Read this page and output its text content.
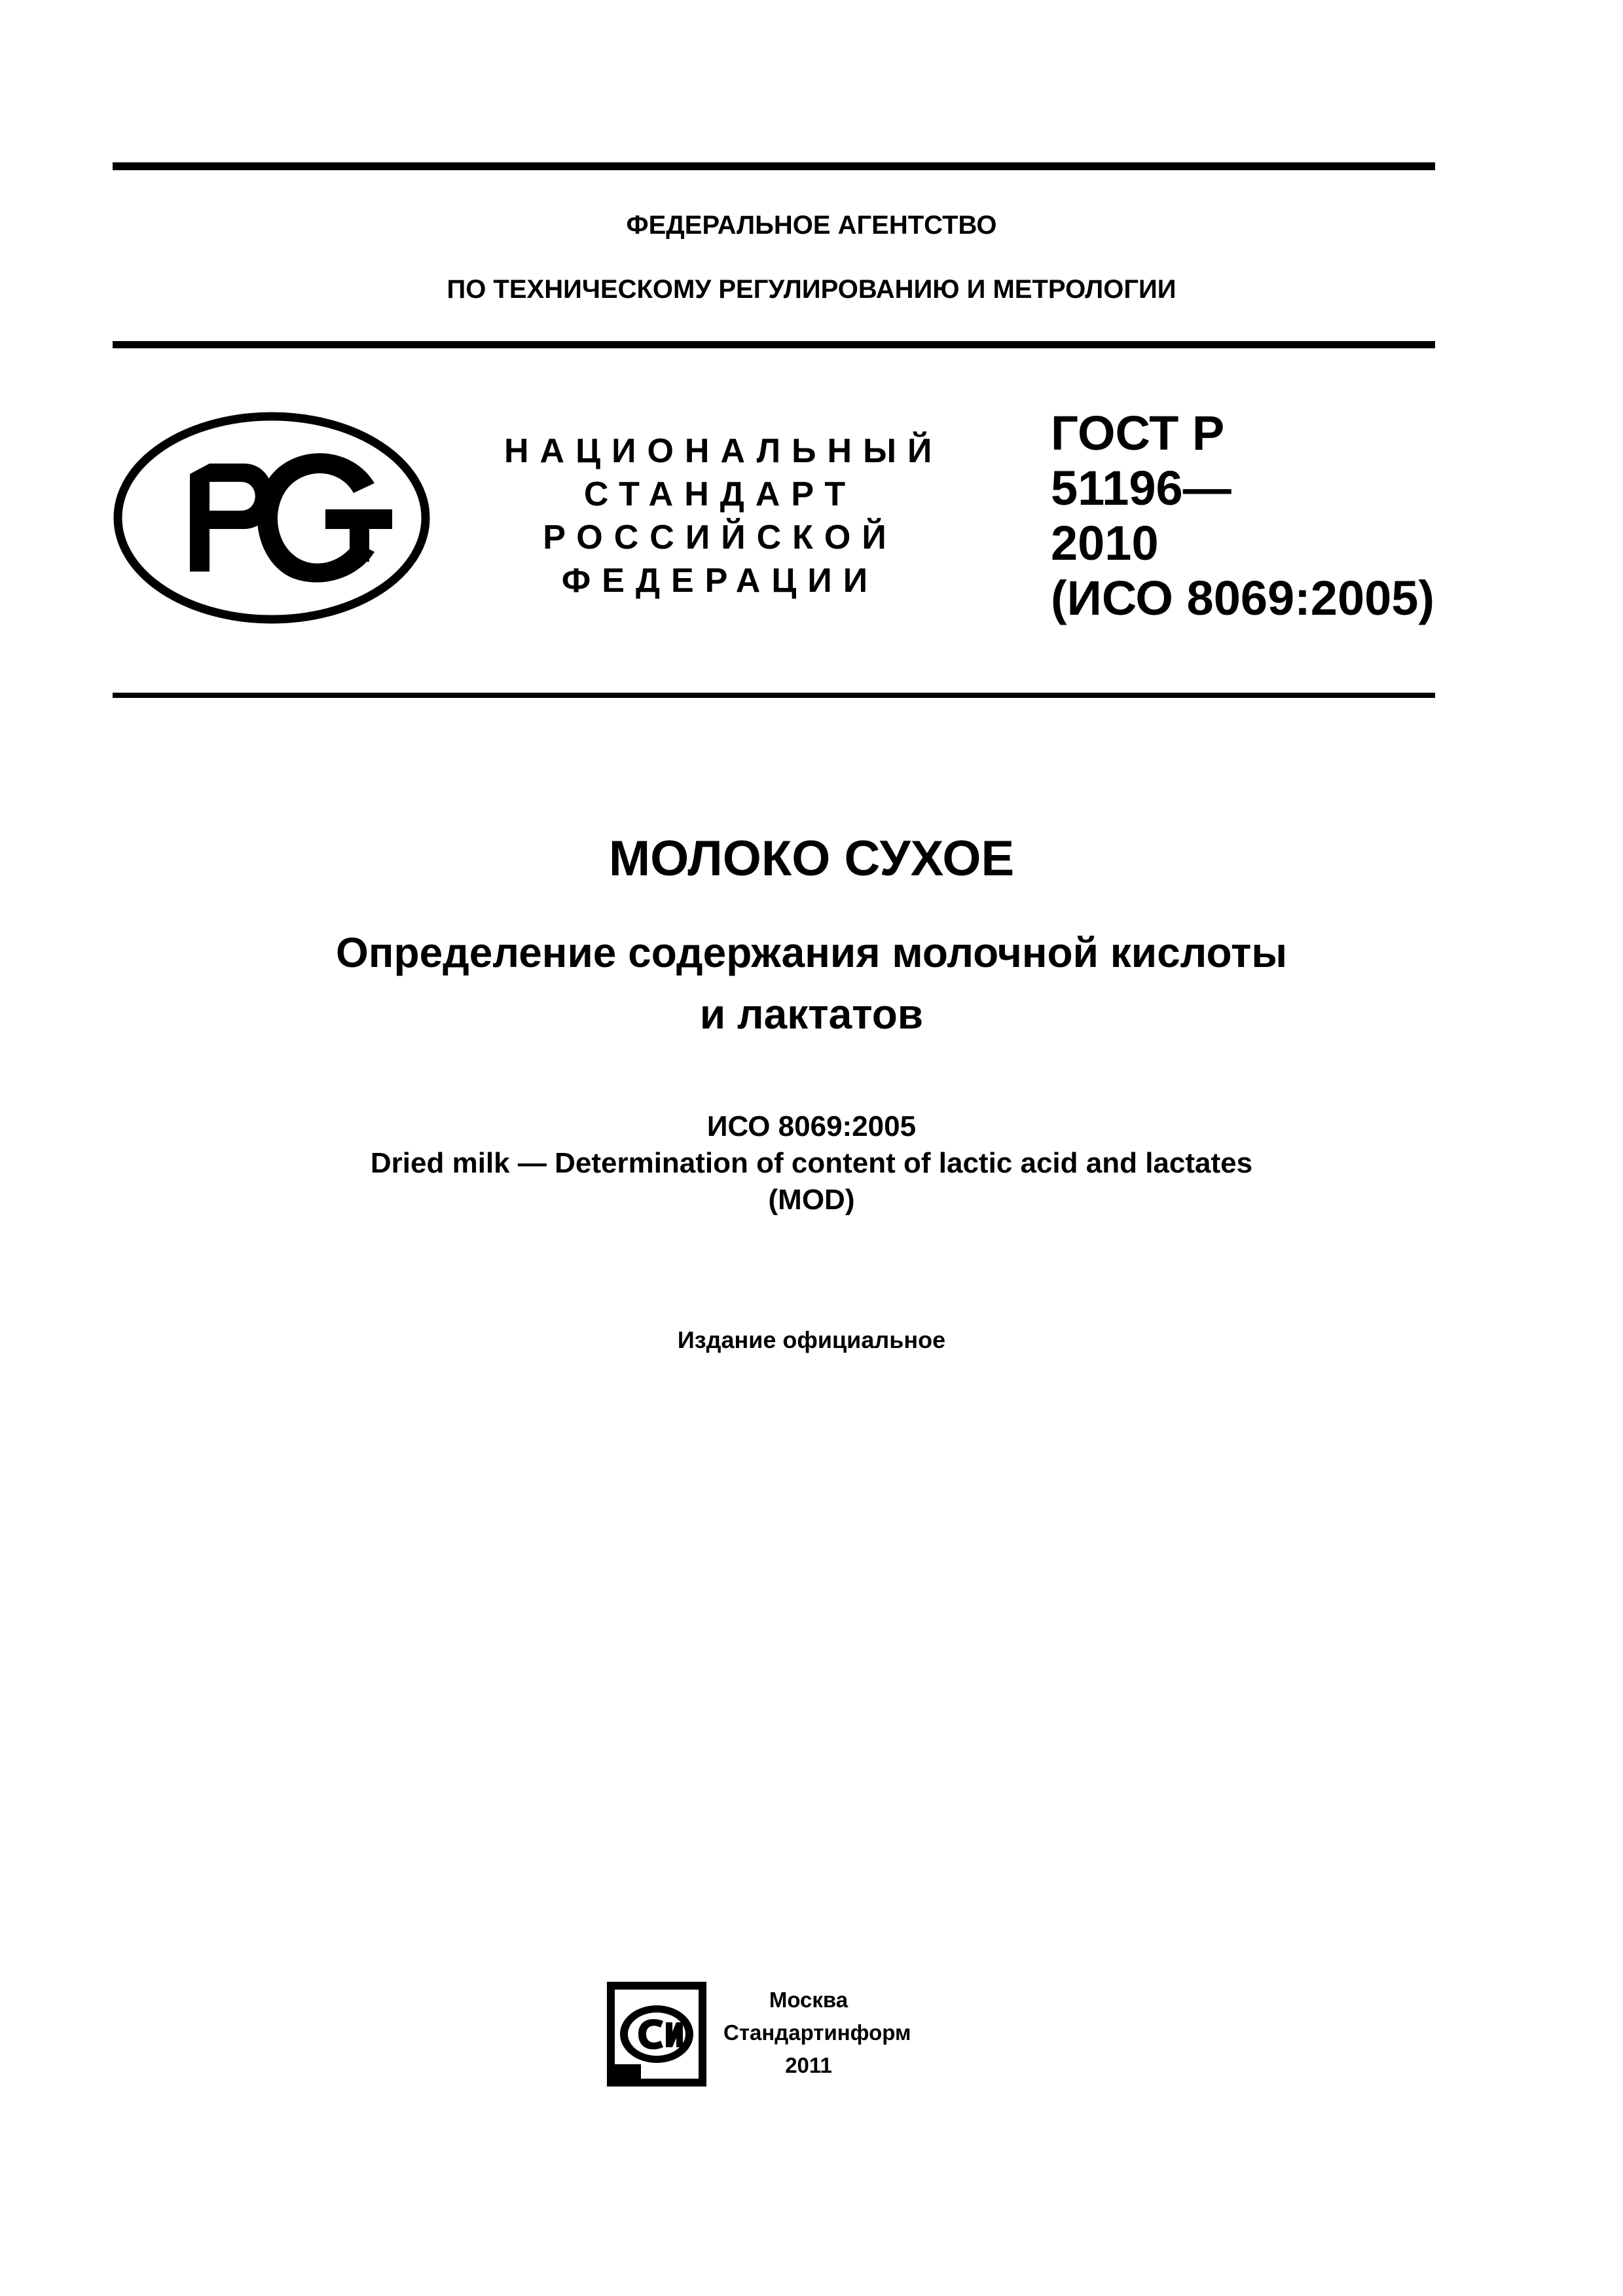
ФЕДЕРАЛЬНОЕ АГЕНТСТВО
ПО ТЕХНИЧЕСКОМУ РЕГУЛИРОВАНИЮ И МЕТРОЛОГИИ
НАЦИОНАЛЬНЫЙ
СТАНДАРТ
РОССИЙСКОЙ
ФЕДЕРАЦИИ
ГОСТ Р
51196—
2010
(ИСО 8069:2005)
МОЛОКО СУХОЕ
Определение содержания молочной кислоты
и лактатов
ИСО 8069:2005
Dried milk — Determination of content of lactic acid and lactates
(MOD)
Издание официальное
Москва
Стандартинформ
2011
